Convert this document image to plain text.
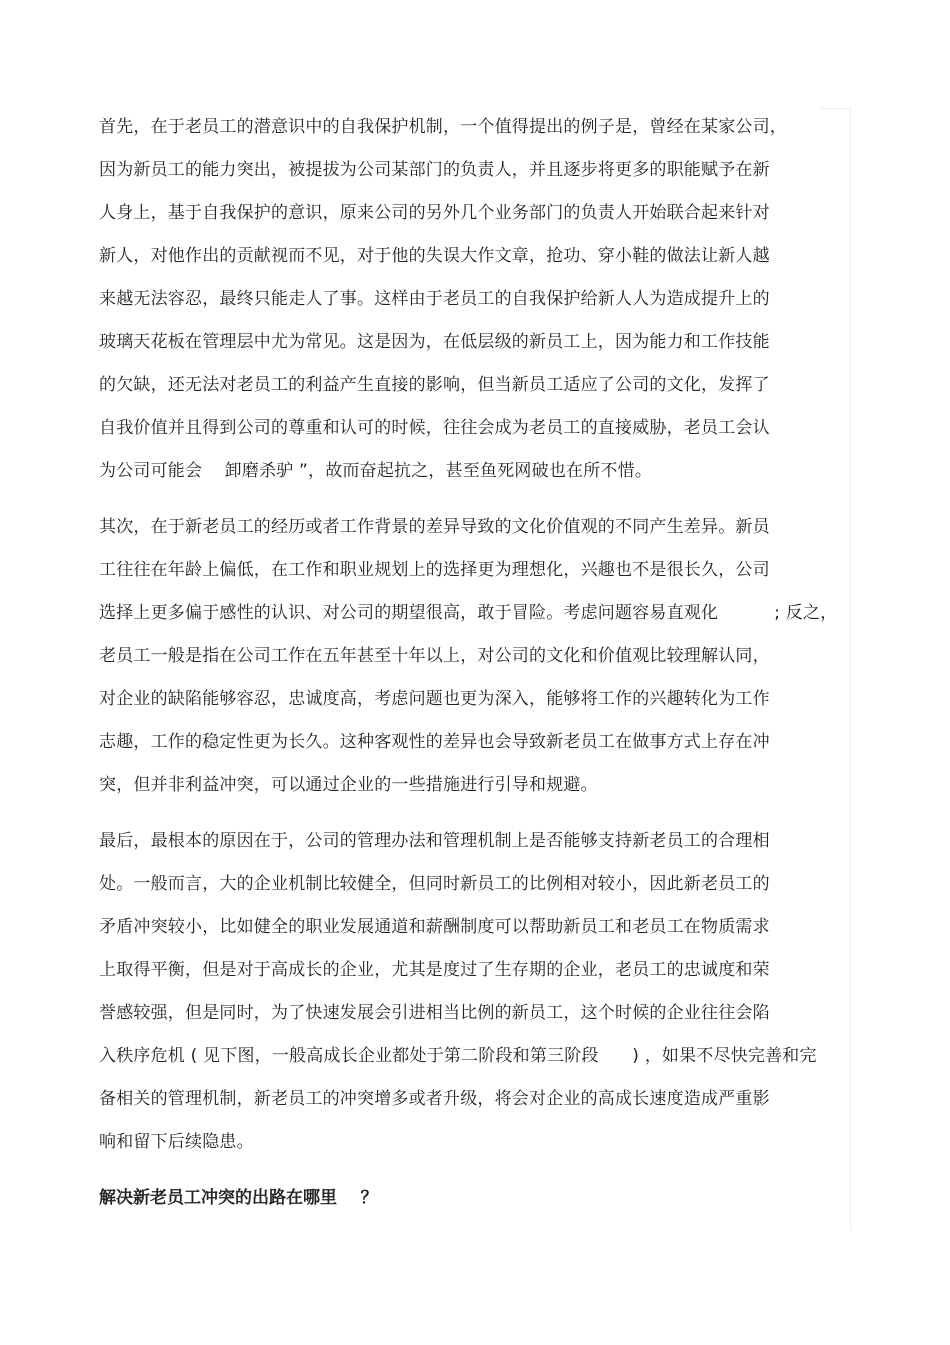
首先，在于老员工的潜意识中的自我保护机制，一个值得提出的例子是，曾经在某家公司，
因为新员工的能力突出，被提拔为公司某部门的负责人，并且逐步将更多的职能赋予在新
人身上，基于自我保护的意识，原来公司的另外几个业务部门的负责人开始联合起来针对
新人，对他作出的贡献视而不见，对于他的失误大作文章，抢功、穿小鞋的做法让新人越
来越无法容忍，最终只能走人了事。这样由于老员工的自我保护给新人人为造成提升上的
玻璃天花板在管理层中尤为常见。这是因为，在低层级的新员工上，因为能力和工作技能
的欠缺，还无法对老员工的利益产生直接的影响，但当新员工适应了公司的文化，发挥了
自我价值并且得到公司的尊重和认可的时候，往往会成为老员工的直接威胁，老员工会认
为公司可能会    卸磨杀驴 ”，故而奋起抗之，甚至鱼死网破也在所不惜。
其次，在于新老员工的经历或者工作背景的差异导致的文化价值观的不同产生差异。新员
工往往在年龄上偏低，在工作和职业规划上的选择更为理想化，兴趣也不是很长久，公司
选择上更多偏于感性的认识、对公司的期望很高，敢于冒险。考虑问题容易直观化          ; 反之，
老员工一般是指在公司工作在五年甚至十年以上，对公司的文化和价值观比较理解认同，
对企业的缺陷能够容忍，忠诚度高，考虑问题也更为深入，能够将工作的兴趣转化为工作
志趣，工作的稳定性更为长久。这种客观性的差异也会导致新老员工在做事方式上存在冲
突，但并非利益冲突，可以通过企业的一些措施进行引导和规避。
最后，最根本的原因在于，公司的管理办法和管理机制上是否能够支持新老员工的合理相
处。一般而言，大的企业机制比较健全，但同时新员工的比例相对较小，因此新老员工的
矛盾冲突较小，比如健全的职业发展通道和薪酬制度可以帮助新员工和老员工在物质需求
上取得平衡，但是对于高成长的企业，尤其是度过了生存期的企业，老员工的忠诚度和荣
誉感较强，但是同时，为了快速发展会引进相当比例的新员工，这个时候的企业往往会陷
入秩序危机 ( 见下图，一般高成长企业都处于第二阶段和第三阶段      ) ，如果不尽快完善和完
备相关的管理机制，新老员工的冲突增多或者升级，将会对企业的高成长速度造成严重影
响和留下后续隐患。
解决新老员工冲突的出路在哪里    ？
